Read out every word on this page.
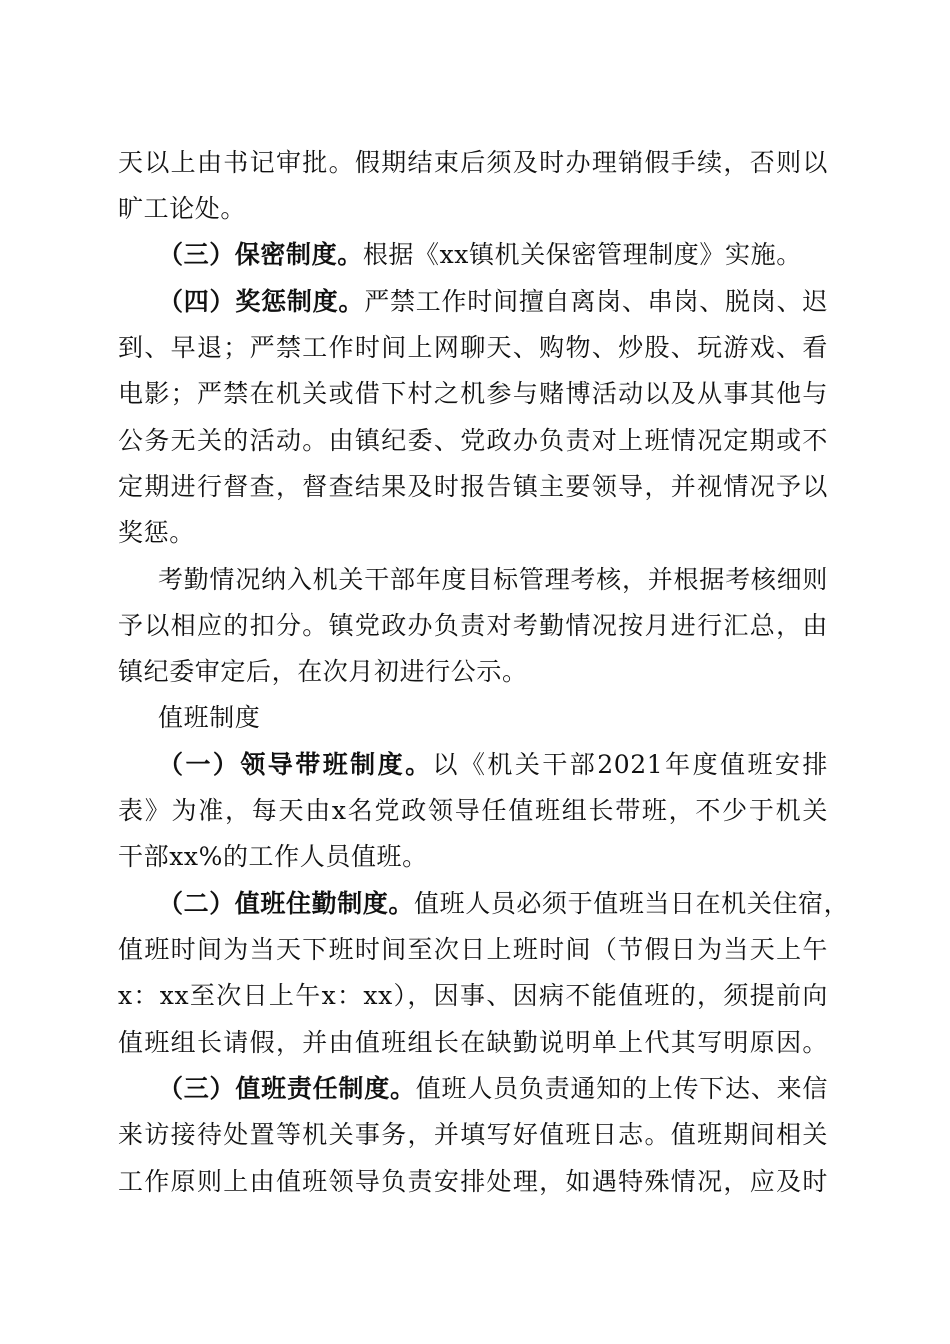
天以上由书记审批。假期结束后须及时办理销假手续，否则以
旷工论处。
（三）保密制度。根据《xx镇机关保密管理制度》实施。
（四）奖惩制度。严禁工作时间擅自离岗、串岗、脱岗、迟
到、早退；严禁工作时间上网聊天、购物、炒股、玩游戏、看
电影；严禁在机关或借下村之机参与赌博活动以及从事其他与
公务无关的活动。由镇纪委、党政办负责对上班情况定期或不
定期进行督查，督查结果及时报告镇主要领导，并视情况予以
奖惩。
考勤情况纳入机关干部年度目标管理考核，并根据考核细则
予以相应的扣分。镇党政办负责对考勤情况按月进行汇总，由
镇纪委审定后，在次月初进行公示。
值班制度
（一）领导带班制度。以《机关干部2021年度值班安排
表》为准，每天由x名党政领导任值班组长带班，不少于机关
干部xx%的工作人员值班。
（二）值班住勤制度。值班人员必须于值班当日在机关住宿，
值班时间为当天下班时间至次日上班时间（节假日为当天上午
x：xx至次日上午x：xx），因事、因病不能值班的，须提前向
值班组长请假，并由值班组长在缺勤说明单上代其写明原因。
（三）值班责任制度。值班人员负责通知的上传下达、来信
来访接待处置等机关事务，并填写好值班日志。值班期间相关
工作原则上由值班领导负责安排处理，如遇特殊情况，应及时
